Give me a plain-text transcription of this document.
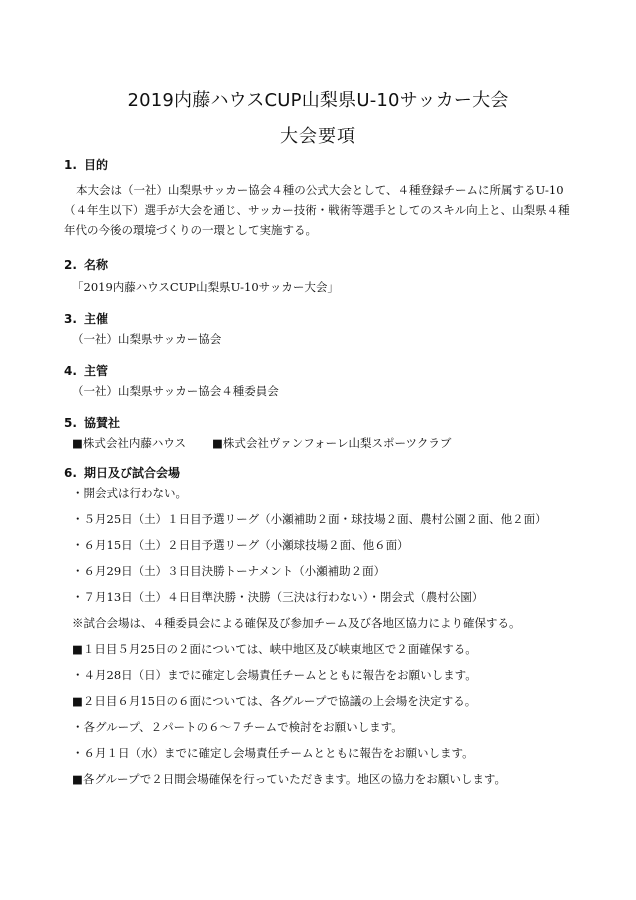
2019内藤ハウスCUP山梨県U-10サッカー大会
大会要項
1. 目的
本大会は（一社）山梨県サッカー協会４種の公式大会として、４種登録チームに所属するU-10（４年生以下）選手が大会を通じ、サッカー技術・戦術等選手としてのスキル向上と、山梨県４種年代の今後の環境づくりの一環として実施する。
2. 名称
「2019内藤ハウスCUP山梨県U-10サッカー大会」
3. 主催
（一社）山梨県サッカー協会
4. 主管
（一社）山梨県サッカー協会４種委員会
5. 協賛社
■株式会社内藤ハウス ■株式会社ヴァンフォーレ山梨スポーツクラブ
6. 期日及び試合会場
・開会式は行わない。
・５月25日（土）１日目予選リーグ（小瀬補助２面・球技場２面、農村公園２面、他２面）
・６月15日（土）２日目予選リーグ（小瀬球技場２面、他６面）
・６月29日（土）３日目決勝トーナメント（小瀬補助２面）
・７月13日（土）４日目準決勝・決勝（三決は行わない）・閉会式（農村公園）
※試合会場は、４種委員会による確保及び参加チーム及び各地区協力により確保する。
■１日目５月25日の２面については、峡中地区及び峡東地区で２面確保する。
・４月28日（日）までに確定し会場責任チームとともに報告をお願いします。
■２日目６月15日の６面については、各グループで協議の上会場を決定する。
・各グループ、２パートの６～７チームで検討をお願いします。
・６月１日（水）までに確定し会場責任チームとともに報告をお願いします。
■各グループで２日間会場確保を行っていただきます。地区の協力をお願いします。
